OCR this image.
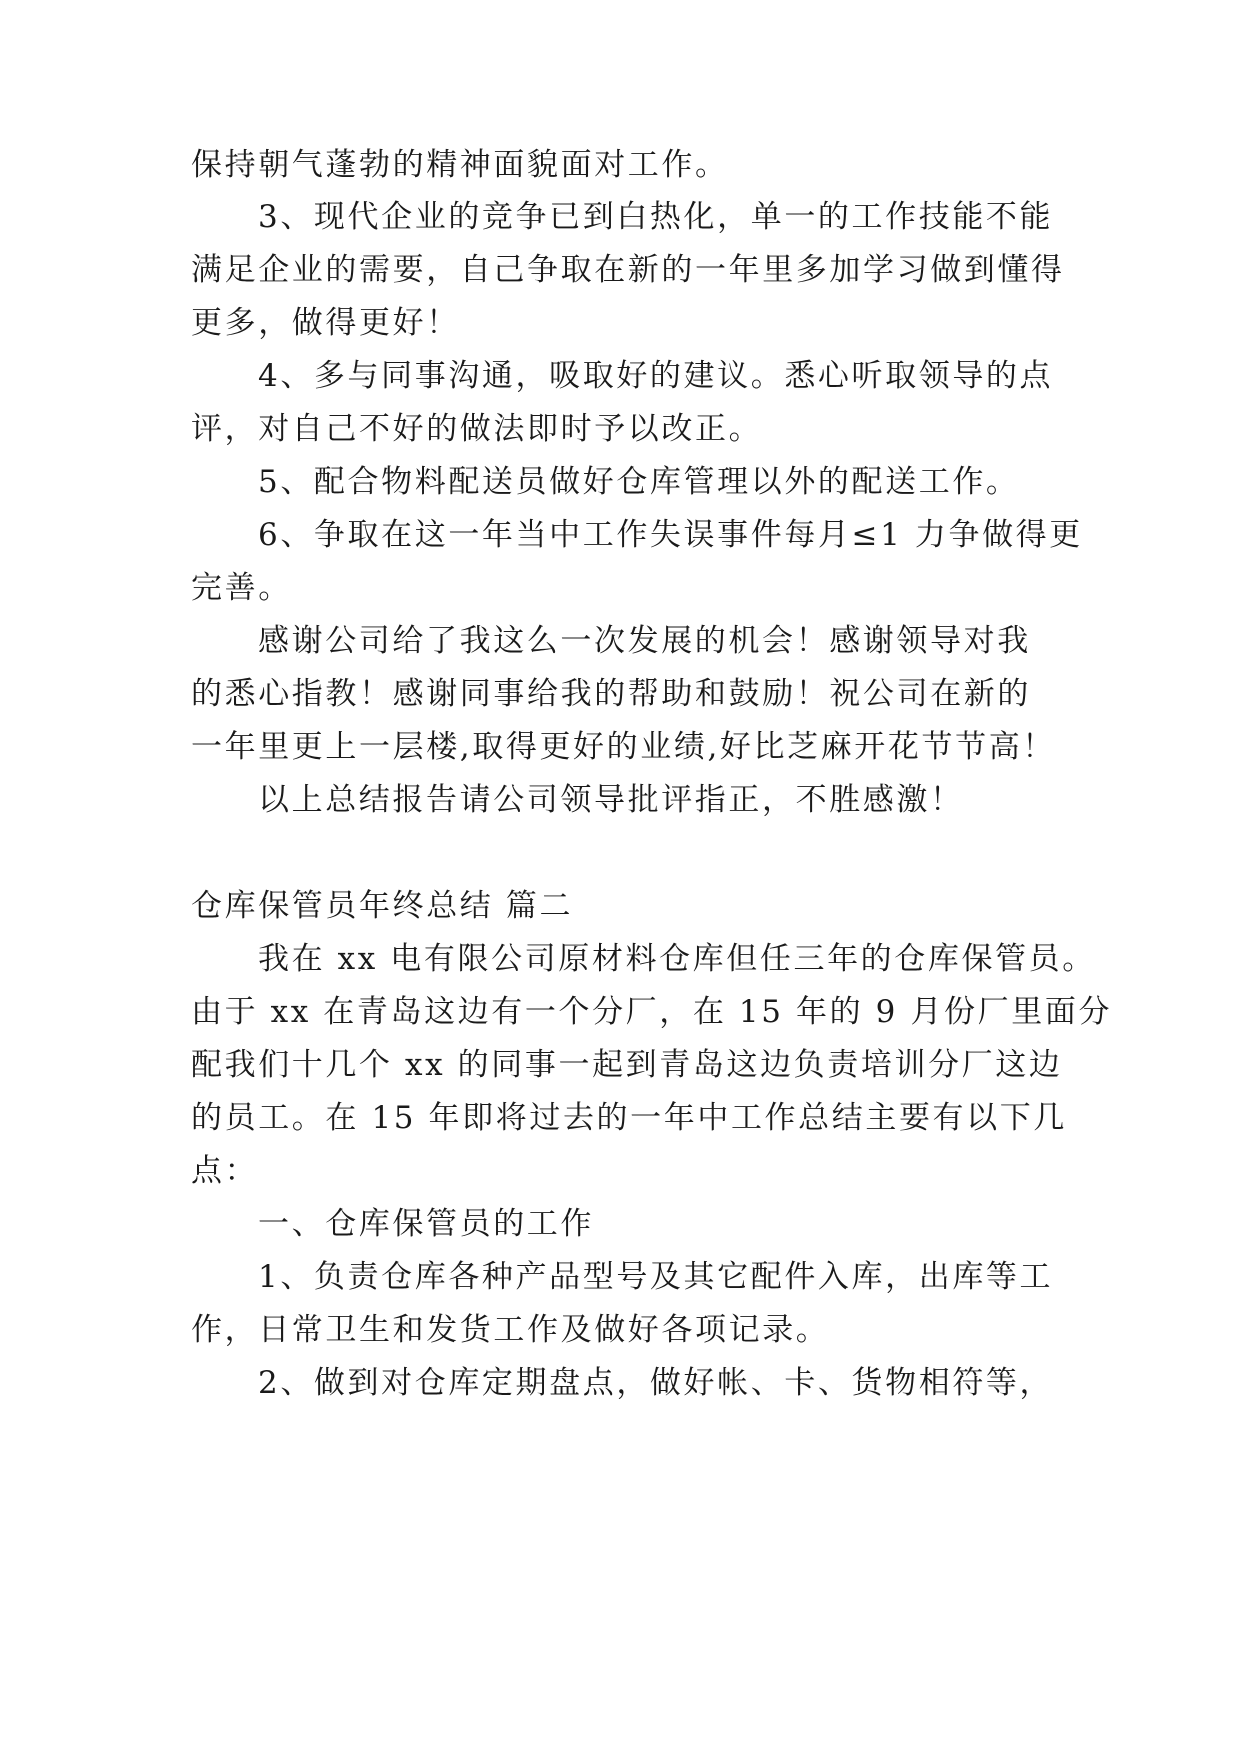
保持朝气蓬勃的精神面貌面对工作。
3、现代企业的竞争已到白热化，单一的工作技能不能
满足企业的需要，自己争取在新的一年里多加学习做到懂得
更多，做得更好！
4、多与同事沟通，吸取好的建议。悉心听取领导的点
评，对自己不好的做法即时予以改正。
5、配合物料配送员做好仓库管理以外的配送工作。
6、争取在这一年当中工作失误事件每月≤1 力争做得更
完善。
感谢公司给了我这么一次发展的机会！感谢领导对我
的悉心指教！感谢同事给我的帮助和鼓励！祝公司在新的
一年里更上一层楼,取得更好的业绩,好比芝麻开花节节高！
以上总结报告请公司领导批评指正，不胜感激！
仓库保管员年终总结 篇二
我在 xx 电有限公司原材料仓库但任三年的仓库保管员。
由于 xx 在青岛这边有一个分厂，在 15 年的 9 月份厂里面分
配我们十几个 xx 的同事一起到青岛这边负责培训分厂这边
的员工。在 15 年即将过去的一年中工作总结主要有以下几
点：
一、仓库保管员的工作
1、负责仓库各种产品型号及其它配件入库，出库等工
作，日常卫生和发货工作及做好各项记录。
2、做到对仓库定期盘点，做好帐、卡、货物相符等，
